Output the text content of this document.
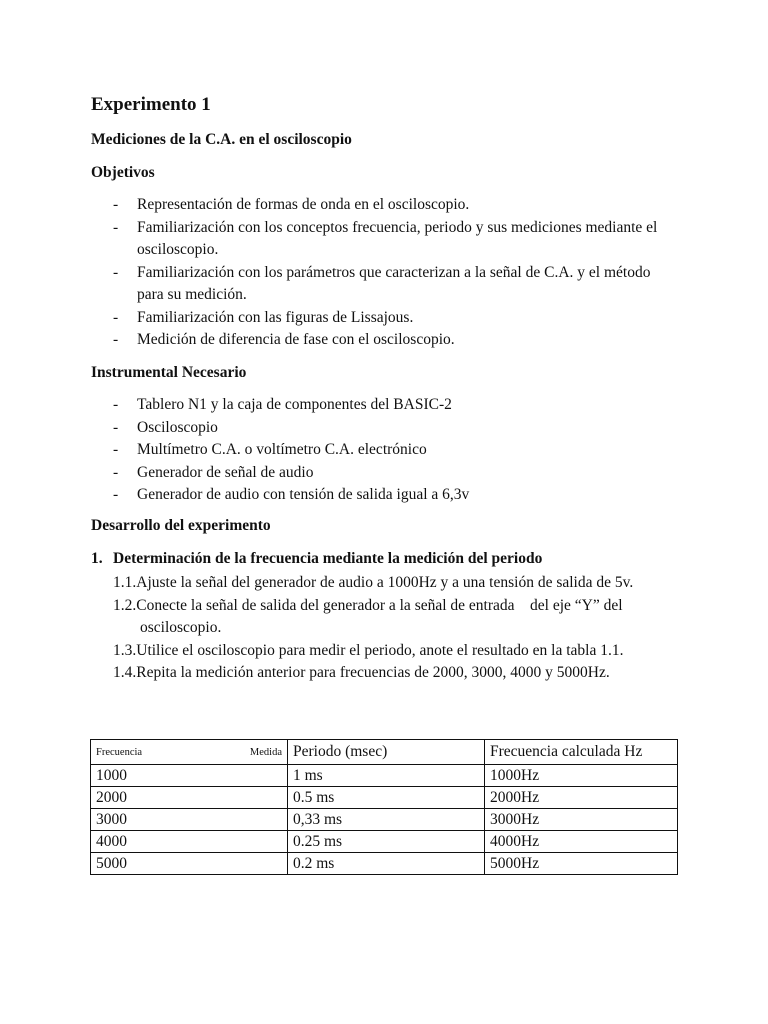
Experimento 1
Mediciones de la C.A. en el osciloscopio
Objetivos
- Representación de formas de onda en el osciloscopio.
- Familiarización con los conceptos frecuencia, periodo y sus mediciones mediante el osciloscopio.
- Familiarización con los parámetros que caracterizan a la señal de C.A. y el método para su medición.
- Familiarización con las figuras de Lissajous.
- Medición de diferencia de fase con el osciloscopio.
Instrumental Necesario
- Tablero N1 y la caja de componentes del BASIC-2
- Osciloscopio
- Multímetro C.A. o voltímetro C.A. electrónico
- Generador de señal de audio
- Generador de audio con tensión de salida igual a 6,3v
Desarrollo del experimento
1. Determinación de la frecuencia mediante la medición del periodo
1.1.Ajuste la señal del generador de audio a 1000Hz y a una tensión de salida de 5v.
1.2.Conecte la señal de salida del generador a la señal de entrada    del eje “Y” del osciloscopio.
1.3.Utilice el osciloscopio para medir el periodo, anote el resultado en la tabla 1.1.
1.4.Repita la medición anterior para frecuencias de 2000, 3000, 4000 y 5000Hz.
Frecuencia Medida	Periodo (msec)	Frecuencia calculada Hz
1000	1 ms	1000Hz
2000	0.5 ms	2000Hz
3000	0,33 ms	3000Hz
4000	0.25 ms	4000Hz
5000	0.2 ms	5000Hz
